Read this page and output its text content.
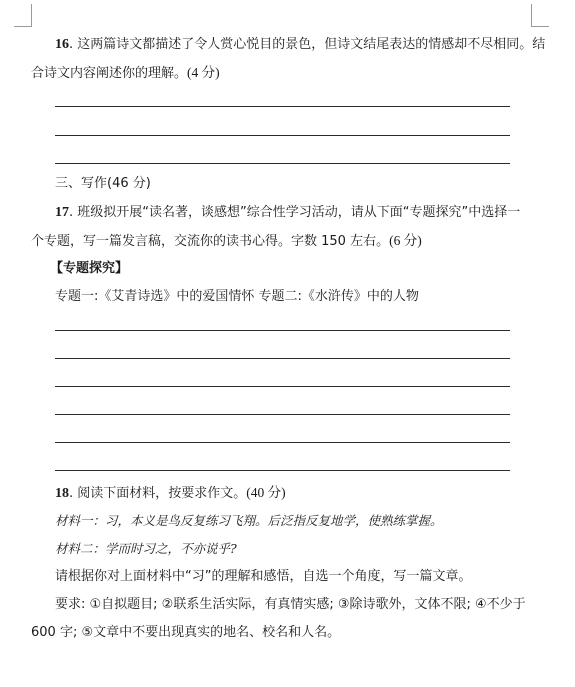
16. 这两篇诗文都描述了令人赏心悦目的景色，但诗文结尾表达的情感却不尽相同。结
合诗文内容阐述你的理解。(4 分)
三、写作(46 分)
17. 班级拟开展“读名著，谈感想”综合性学习活动，请从下面“专题探究”中选择一
个专题，写一篇发言稿，交流你的读书心得。字数 150 左右。(6 分)
【专题探究】
专题一:《艾青诗选》中的爱国情怀 专题二:《水浒传》中的人物
18. 阅读下面材料，按要求作文。(40 分)
材料一：习，本义是鸟反复练习飞翔。后泛指反复地学，使熟练掌握。
材料二：学而时习之，不亦说乎?
请根据你对上面材料中“习”的理解和感悟，自选一个角度，写一篇文章。
要求: ①自拟题目; ②联系生活实际，有真情实感; ③除诗歌外，文体不限; ④不少于
600 字; ⑤文章中不要出现真实的地名、校名和人名。
